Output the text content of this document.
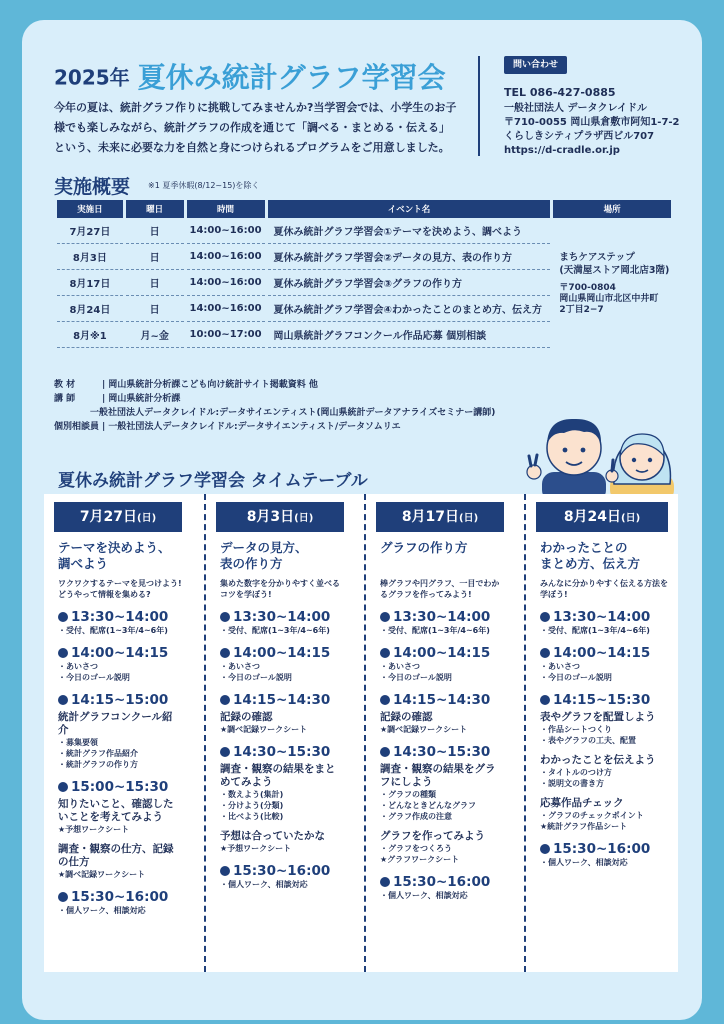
2025年 夏休み統計グラフ学習会
今年の夏は、統計グラフ作りに挑戦してみませんか?当学習会では、小学生のお子様でも楽しみながら、統計グラフの作成を通じて「調べる・まとめる・伝える」という、未来に必要な力を自然と身につけられるプログラムをご用意しました。
問い合わせ
TEL 086-427-0885
一般社団法人 データクレイドル
〒710-0055 岡山県倉敷市阿知1-7-2
くらしきシティプラザ西ビル707
https://d-cradle.or.jp
実施概要 ※1 夏季休暇(8/12~15)を除く
実施日	曜日	時間	イベント名	場所
7月27日	日	14:00~16:00	夏休み統計グラフ学習会①テーマを決めよう、調べよう	まちケアステップ
(天満屋ストア岡北店3階)
〒700-0804
岡山県岡山市北区中井町
2丁目2−7

8月3日	日	14:00~16:00	夏休み統計グラフ学習会②データの見方、表の作り方	
8月17日	日	14:00~16:00	夏休み統計グラフ学習会③グラフの作り方	
8月24日	日	14:00~16:00	夏休み統計グラフ学習会④わかったことのまとめ方、伝え方	
8月※1	月~金	10:00~17:00	岡山県統計グラフコンクール作品応募 個別相談	
教 材	| 岡山県統計分析課こども向け統計サイト掲載資料 他
講 師	| 岡山県統計分析課
一般社団法人データクレイドル:データサイエンティスト(岡山県統計データアナライズセミナー講師)
個別相談員 | 一般社団法人データクレイドル:データサイエンティスト/データソムリエ
夏休み統計グラフ学習会 タイムテーブル
7月27日(日)
テーマを決めよう、
調べよう
ワクワクするテーマを見つけよう!どうやって情報を集める?
13:30~14:00
・受付、配席(1~3年/4~6年)
14:00~14:15
・あいさつ
・今日のゴール説明
14:15~15:00
統計グラフコンクール紹介
・募集要領
・統計グラフ作品紹介
・統計グラフの作り方
15:00~15:30
知りたいこと、確認したいことを考えてみよう
★予想ワークシート
調査・観察の仕方、記録の仕方
★調べ記録ワークシート
15:30~16:00
・個人ワーク、相談対応
8月3日(日)
データの見方、
表の作り方
集めた数字を分かりやすく並べるコツを学ぼう!
13:30~14:00
・受付、配席(1~3年/4~6年)
14:00~14:15
・あいさつ
・今日のゴール説明
14:15~14:30
記録の確認
★調べ記録ワークシート
14:30~15:30
調査・観察の結果をまとめてみよう
・数えよう(集計)
・分けよう(分類)
・比べよう(比較)
予想は合っていたかな
★予想ワークシート
15:30~16:00
・個人ワーク、相談対応
8月17日(日)
グラフの作り方
棒グラフや円グラフ、一目でわかるグラフを作ってみよう!
13:30~14:00
・受付、配席(1~3年/4~6年)
14:00~14:15
・あいさつ
・今日のゴール説明
14:15~14:30
記録の確認
★調べ記録ワークシート
14:30~15:30
調査・観察の結果をグラフにしよう
・グラフの種類
・どんなときどんなグラフ
・グラフ作成の注意
グラフを作ってみよう
・グラフをつくろう
★グラフワークシート
15:30~16:00
・個人ワーク、相談対応
8月24日(日)
わかったことの
まとめ方、伝え方
みんなに分かりやすく伝える方法を学ぼう!
13:30~14:00
・受付、配席(1~3年/4~6年)
14:00~14:15
・あいさつ
・今日のゴール説明
14:15~15:30
表やグラフを配置しよう
・作品シートつくり
・表やグラフの工夫、配置
わかったことを伝えよう
・タイトルのつけ方
・説明文の書き方
応募作品チェック
・グラフのチェックポイント
★統計グラフ作品シート
15:30~16:00
・個人ワーク、相談対応
